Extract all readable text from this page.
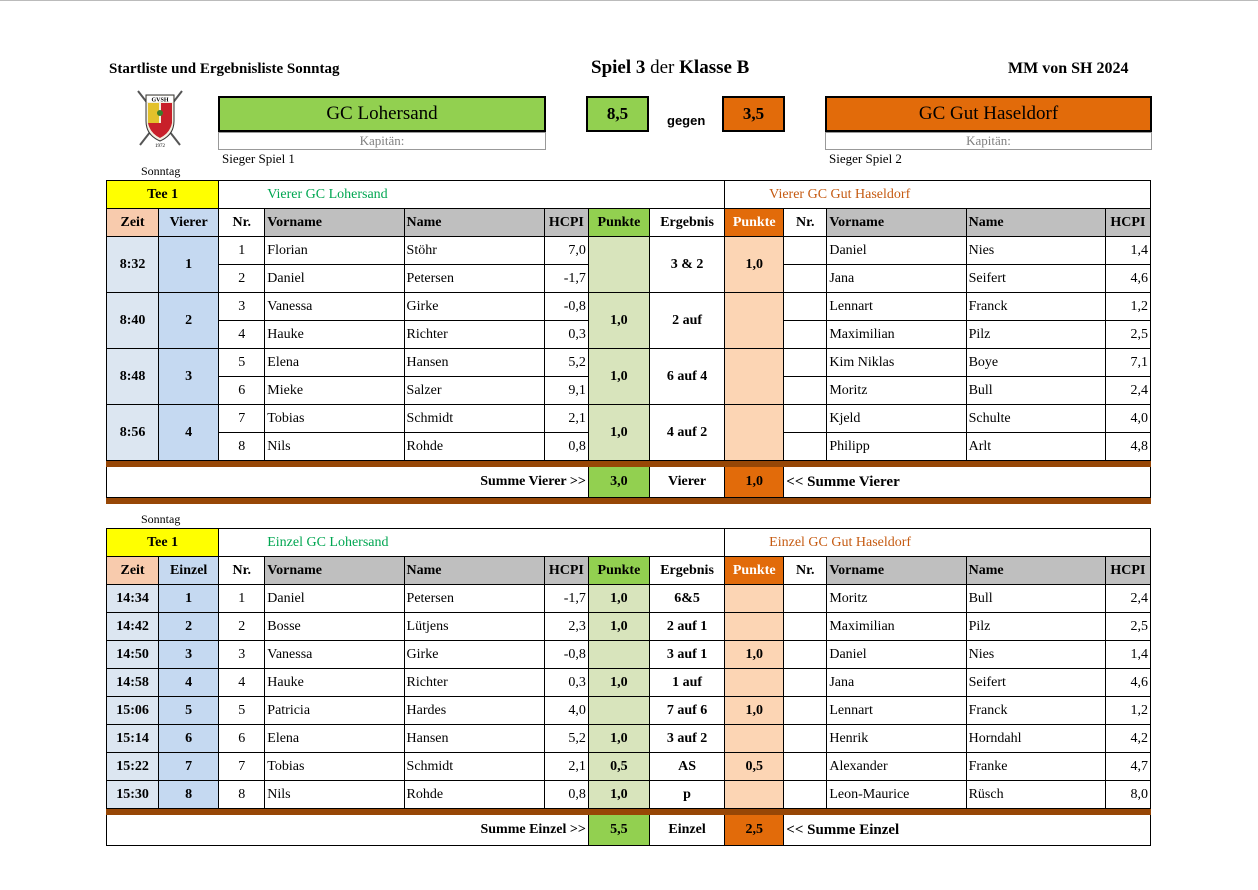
Startliste und Ergebnisliste Sonntag	Spiel 3 der Klasse B	MM von SH 2024
GVSH
1972
Sonntag
GC Lohersand
Kapitän:
Sieger Spiel 1
8,5	gegen	3,5	GC Gut Haseldorf
Kapitän:
Sieger Spiel 2
Tee 1		Vierer GC Lohersand						Vierer GC Gut Haseldorf				
Zeit	Vierer	Nr.	Vorname	Name	HCPI	Punkte	Ergebnis	Punkte	Nr.	Vorname	Name	HCPI
8:32	1	1	Florian	Stöhr	7,0		3 & 2	1,0		Daniel	Nies	1,4
		2	Daniel	Petersen	-1,7					Jana	Seifert	4,6
8:40	2	3	Vanessa	Girke	-0,8	1,0	2 auf			Lennart	Franck	1,2
		4	Hauke	Richter	0,3					Maximilian	Pilz	2,5
8:48	3	5	Elena	Hansen	5,2	1,0	6 auf 4			Kim Niklas	Boye	7,1
		6	Mieke	Salzer	9,1					Moritz	Bull	2,4
8:56	4	7	Tobias	Schmidt	2,1	1,0	4 auf 2			Kjeld	Schulte	4,0
		8	Nils	Rohde	0,8					Philipp	Arlt	4,8

Summe Vierer >>						3,0	Vierer	1,0	<< Summe Vierer			

Sonntag
Tee 1		Einzel GC Lohersand						Einzel GC Gut Haseldorf				
Zeit	Einzel	Nr.	Vorname	Name	HCPI	Punkte	Ergebnis	Punkte	Nr.	Vorname	Name	HCPI
14:34	1	1	Daniel	Petersen	-1,7	1,0	6&5			Moritz	Bull	2,4
14:42	2	2	Bosse	Lütjens	2,3	1,0	2 auf 1			Maximilian	Pilz	2,5
14:50	3	3	Vanessa	Girke	-0,8		3 auf 1	1,0		Daniel	Nies	1,4
14:58	4	4	Hauke	Richter	0,3	1,0	1 auf			Jana	Seifert	4,6
15:06	5	5	Patricia	Hardes	4,0		7 auf 6	1,0		Lennart	Franck	1,2
15:14	6	6	Elena	Hansen	5,2	1,0	3 auf 2			Henrik	Horndahl	4,2
15:22	7	7	Tobias	Schmidt	2,1	0,5	AS	0,5		Alexander	Franke	4,7
15:30	8	8	Nils	Rohde	0,8	1,0	p			Leon-Maurice	Rüsch	8,0

Summe Einzel >>						5,5	Einzel	2,5	<< Summe Einzel			
